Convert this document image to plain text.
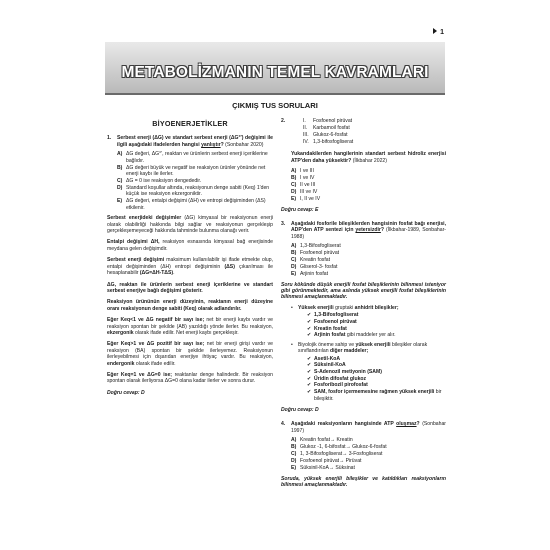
1
METABOLİZMANIN TEMEL KAVRAMLARI
ÇIKMIŞ TUS SORULARI
BİYOENERJETİKLER
1.	Serbest enerji (ΔG) ve standart serbest enerji (ΔG°′) değişimi ile ilgili aşağıdaki ifadelerden hangisi yanlıştır? (Sonbahar 2020)
A) ΔG değeri, ΔG°′, reaktan ve ürünlerin serbest enerji içeriklerine bağlıdır.
B) ΔG değeri büyük ve negatif ise reaksiyon ürünler yönünde net enerji kaybı ile ilerler.
C) ΔG = 0 ise reaksiyon dengededir.
D) Standard koşullar altında, reaksiyonun denge sabiti (Keq) 1'den küçük ise reaksiyon ekzergoniktir.
E) ΔG değeri, entalpi değişimi (ΔH) ve entropi değişiminden (ΔS) etkilenir.
Serbest enerjideki değişimler (ΔG) kimyasal bir reaksiyonun enerji olarak olabilirliği hakkında bilgi sağlar ve reaksiyonun gerçekleşip gerçekleşemeyeceği hakkında tahminde bulunma olanağı verir.
Entalpi değişimi ΔH, reaksiyon esnasında kimyasal bağ enerjisinde meydana gelen değişimdir.
Serbest enerji değişimi maksimum kullanılabilir işi ifade etmekte olup, entalpi değişiminden (ΔH) entropi değişiminin (ΔS) çıkarılması ile hesaplanabilir (ΔG=ΔH-TΔS).
ΔG, reaktan ile ürünlerin serbest enerji içeriklerine ve standart serbest enerjiye bağlı değişimi gösterir.
Reaksiyon ürününün enerji düzeyinin, reaktanın enerji düzeyine oranı reaksiyonun denge sabiti (Keq) olarak adlandırılır.
Eğer Keq<1 ve ΔG negatif bir sayı ise; net bir enerji kaybı vardır ve reaksiyon spontan bir şekilde (AB) yazıldığı yönde ilerler. Bu reaksiyon, ekzergonik olarak ifade edilir. Net enerji kaybı gerçekleşir.
Eğer Keq>1 ve ΔG pozitif bir sayı ise; net bir enerji girişi vardır ve reaksiyon (BA) spontan bir şekilde ilerleyemez. Reaksiyonun ilerleyebilmesi için dışarıdan enerjiye ihtiyaç vardır. Bu reaksiyon, endergonik olarak ifade edilir.
Eğer Keq=1 ve ΔG=0 ise; reaktanlar denge halindedir. Bir reaksiyon spontan olarak ilerliyorsa ΔG=0 olana kadar ilerler ve sonra durur.
Doğru cevap: D
2.	I.	Fosfoenol pirüvat
II.	Karbamoil fosfat
III. Glukoz-6-fosfat
IV. 1,3-bifosfogliserat
Yukarıdakilerden hangilerinin standart serbest hidroliz enerjisi ATP'den daha yüksektir? (İlkbahar 2022)
A) I ve III
B) I ve IV
C) II ve III
D) III ve IV
E) I, II ve IV
Doğru cevap: E
3.	Aşağıdaki fosforile bileşiklerden hangisinin fosfat bağı enerjisi, ADP'den ATP sentezi için yetersizdir? (İlkbahar-1989, Sonbahar-1988)
A) 1,3-Bifosfogliserat
B) Fosfoenol pirüvat
C) Kreatin fosfat
D) Gliserol-3- fosfat
E) Arjinin fosfat
Soru kökünde düşük enerjili fosfat bileşiklerinin bilinmesi isteniyor gibi görünmektedir, ama aslında yüksek enerjili fosfat bileşiklerinin bilinmesi amaçlanmaktadır.
•	Yüksek enerjili gruptaki anhidrit bileşikler;
✔ 1,3-Bifosfogliserat
✔ Fosfoenol pirüvat
✔ Kreatin fosfat
✔ Arjinin fosfat gibi maddeler yer alır.
•	Biyolojik öneme sahip ve yüksek enerjili bileşikler olarak sınıflandırılan diğer maddeler;
✔ Asetil-KoA
✔ Süksinil-KoA
✔ S-Adenozil metiyonin (SAM)
✔ Üridin difosfat glukoz
✔ Fosforibozil pirofosfat
✔ SAM, fosfor içermemesine rağmen yüksek enerjili bir bileşiktir.
Doğru cevap: D
4.	Aşağıdaki reaksiyonların hangisinde ATP oluşmaz? (Sonbahar 1997)
A) Kreatin fosfat→ Kreatin
B) Glukoz -1, 6-bifosfat→ Glukoz-6-fosfat
C) 1, 3-Bifosfogliserat→ 3-Fosfogliserat
D) Fosfoenol pirüvat→ Pirüvat
E) Süksinil-KoA→ Süksinat
Soruda, yüksek enerjili bileşikler ve katıldıkları reaksiyonların bilinmesi amaçlanmaktadır.
